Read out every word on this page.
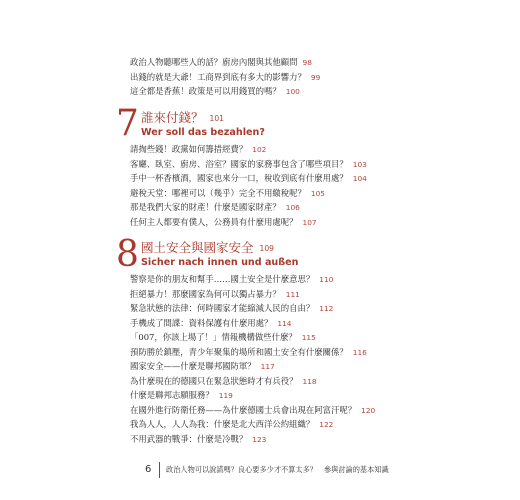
政治人物聽哪些人的話？廚房內閣與其他顧問 98
出錢的就是大爺！工商界到底有多大的影響力？ 99
這全都是香蕉！政策是可以用錢買的嗎？ 100
7 誰來付錢？ 101
Wer soll das bezahlen?
請掏些錢！政黨如何籌措經費？ 102
客廳、臥室、廚房、浴室？國家的家務事包含了哪些項目？ 103
手中一杯香檳酒，國家也來分一口，稅收到底有什麼用處？ 104
避稅天堂：哪裡可以（幾乎）完全不用繳稅呢？ 105
那是我們大家的財產！什麼是國家財產？ 106
任何主人都要有僕人，公務員有什麼用處呢？ 107
8 國土安全與國家安全 109
Sicher nach innen und außen
警察是你的朋友和幫手……國土安全是什麼意思？ 110
拒絕暴力！那麼國家為何可以獨占暴力？ 111
緊急狀態的法律：何時國家才能縮減人民的自由？ 112
手機成了間諜：資料保護有什麼用處？ 114
「007，你該上場了！」情報機構做些什麼？ 115
預防勝於鎮壓，青少年聚集的場所和國土安全有什麼關係？ 116
國家安全——什麼是聯邦國防軍？ 117
為什麼現在的德國只在緊急狀態時才有兵役？ 118
什麼是聯邦志願服務？ 119
在國外進行防衛任務——為什麼德國士兵會出現在阿富汗呢？ 120
我為人人，人人為我：什麼是北大西洋公約組織？ 122
不用武器的戰爭：什麼是冷戰？ 123
6 政治人物可以說謊嗎？良心要多少才不算太多？ 參與討論的基本知識
